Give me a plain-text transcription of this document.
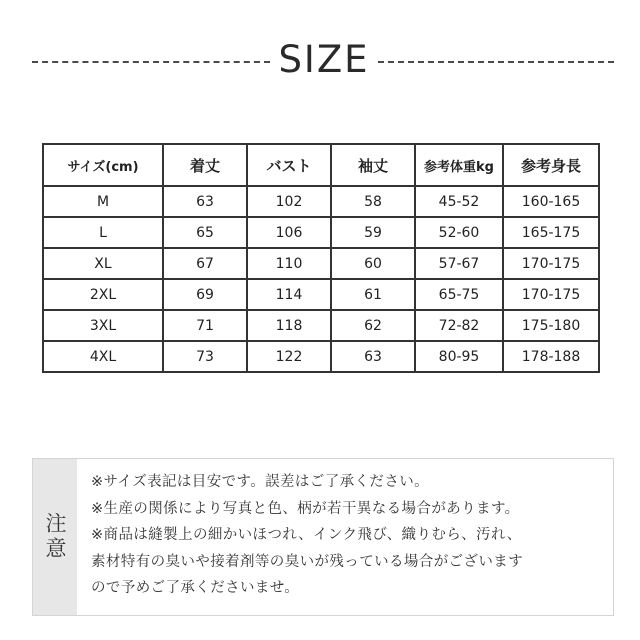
SIZE
サイズ(cm)	着丈	バスト	袖丈	参考体重kg	参考身長
M	63	102	58	45-52	160-165
L	65	106	59	52-60	165-175
XL	67	110	60	57-67	170-175
2XL	69	114	61	65-75	170-175
3XL	71	118	62	72-82	175-180
4XL	73	122	63	80-95	178-188
注意
※サイズ表記は目安です。誤差はご了承ください。
※生産の関係により写真と色、柄が若干異なる場合があります。
※商品は縫製上の細かいほつれ、インク飛び、織りむら、汚れ、
素材特有の臭いや接着剤等の臭いが残っている場合がございます
ので予めご了承くださいませ。
